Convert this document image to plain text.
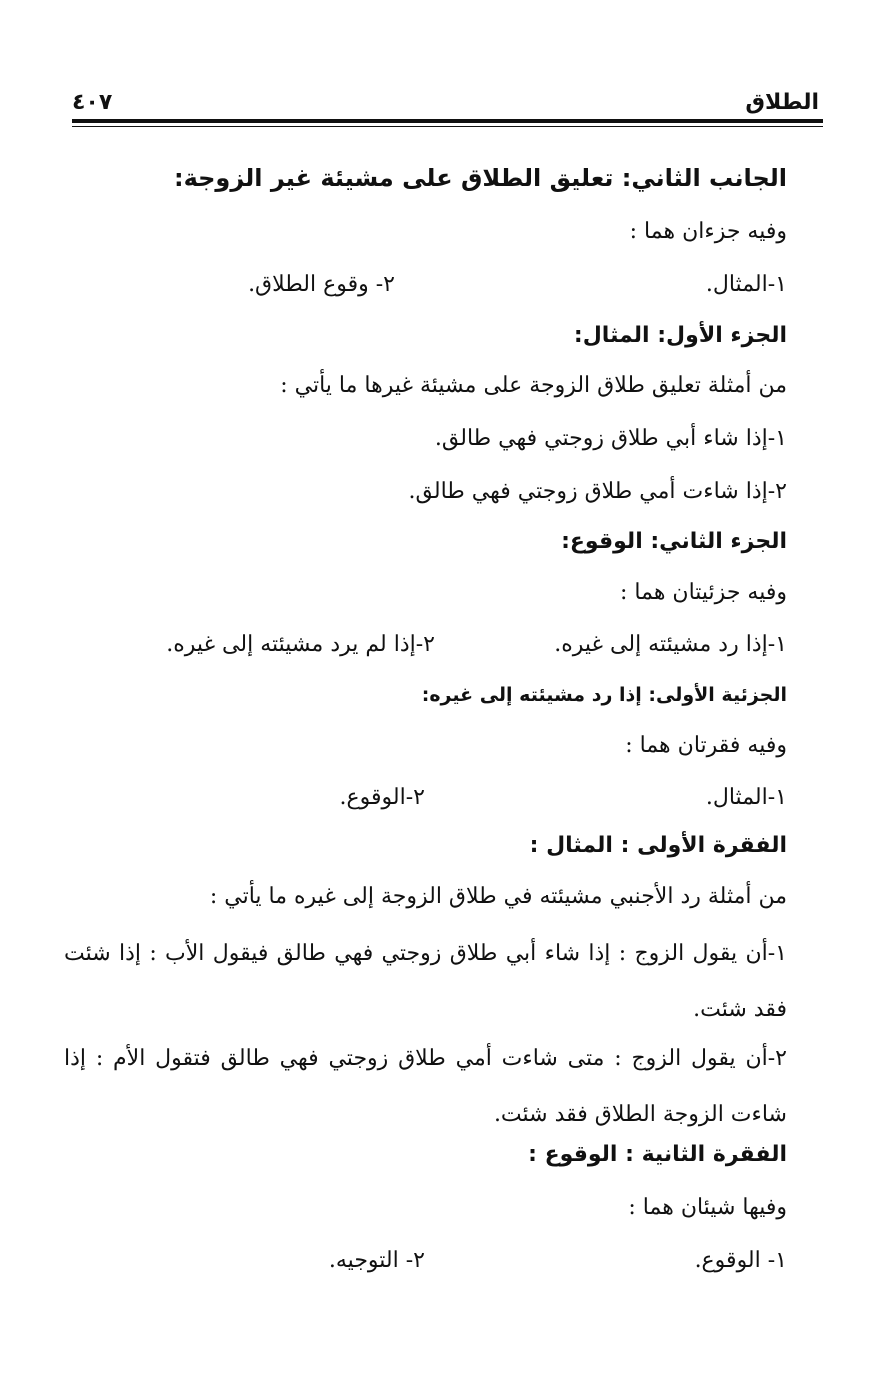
الطلاق
٤٠٧
الجانب الثاني: تعليق الطلاق على مشيئة غير الزوجة:
وفيه جزءان هما :
١-المثال.
٢- وقوع الطلاق.
الجزء الأول: المثال:
من أمثلة تعليق طلاق الزوجة على مشيئة غيرها ما يأتي :
١-إذا شاء أبي طلاق زوجتي فهي طالق.
٢-إذا شاءت أمي طلاق زوجتي فهي طالق.
الجزء الثاني: الوقوع:
وفيه جزئيتان هما :
١-إذا رد مشيئته إلى غيره.
٢-إذا لم يرد مشيئته إلى غيره.
الجزئية الأولى: إذا رد مشيئته إلى غيره:
وفيه فقرتان هما :
١-المثال.
٢-الوقوع.
الفقرة الأولى : المثال :
من أمثلة رد الأجنبي مشيئته في طلاق الزوجة إلى غيره ما يأتي :
١-أن يقول الزوج : إذا شاء أبي طلاق زوجتي فهي طالق فيقول الأب : إذا شئت فقد شئت.
٢-أن يقول الزوج : متى شاءت أمي طلاق زوجتي فهي طالق فتقول الأم : إذا شاءت الزوجة الطلاق فقد شئت.
الفقرة الثانية : الوقوع :
وفيها شيئان هما :
١- الوقوع.
٢- التوجيه.
